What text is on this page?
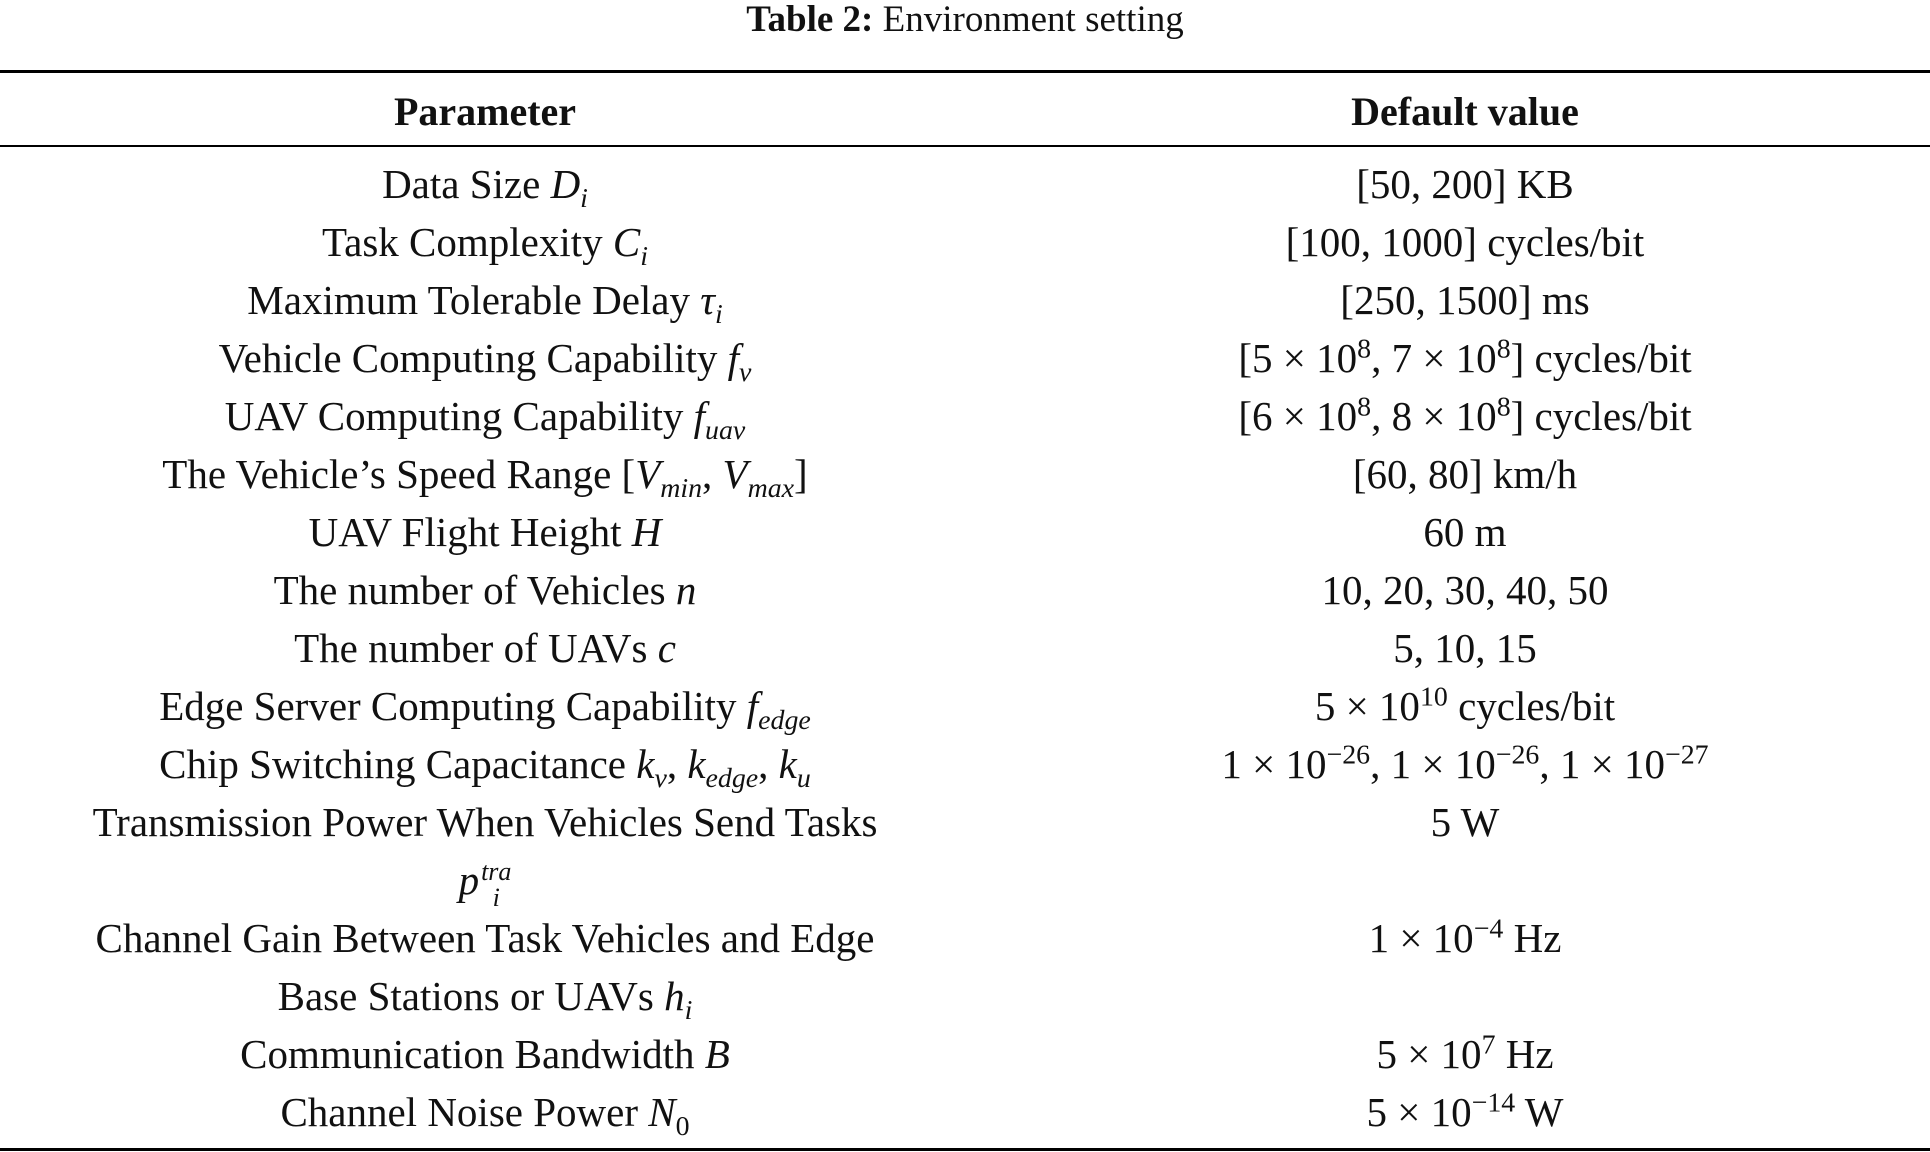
Table 2: Environment setting
Parameter	Default value
Data Size $D_i$	[50, 200] KB
Task Complexity $C_i$	[100, 1000] cycles/bit
Maximum Tolerable Delay $\tau_i$	[250, 1500] ms
Vehicle Computing Capability $f_v$	[$5 \times 10^8$, $7 \times 10^8$] cycles/bit
UAV Computing Capability $f_{uav}$	[$6 \times 10^8$, $8 \times 10^8$] cycles/bit
The Vehicle’s Speed Range [$V_{min}$, $V_{max}$]	[60, 80] km/h
UAV Flight Height H	60 m
The number of Vehicles n	10, 20, 30, 40, 50
The number of UAVs c	5, 10, 15
Edge Server Computing Capability $f_{edge}$	$5 \times 10^{10}$ cycles/bit
Chip Switching Capacitance $k_v$, $k_{edge}$, $k_u$	$1 \times 10^{-26}$, $1 \times 10^{-26}$, $1 \times 10^{-27}$
Transmission Power When Vehicles Send Tasks	5 W
p tra
i
Channel Gain Between Task Vehicles and Edge	$1 \times 10^{-4}$ Hz
Base Stations or UAVs $h_i$
Communication Bandwidth B	$5 \times 10^7$ Hz
Channel Noise Power $N_0$	$5 \times 10^{-14}$ W
